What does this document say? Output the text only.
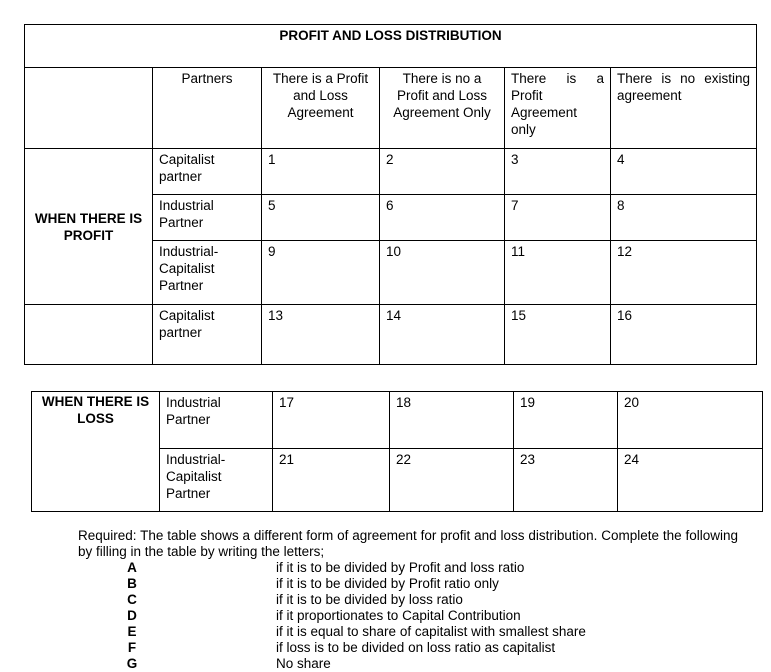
PROFIT AND LOSS DISTRIBUTION					
	Partners	There is a Profit and Loss Agreement	There is no a Profit and Loss Agreement Only	There is a Profit Agreement only	There is no existing agreement
WHEN THERE IS PROFIT	Capitalist partner	1	2	3	4
	Industrial Partner	5	6	7	8
	Industrial-Capitalist Partner	9	10	11	12
	Capitalist partner	13	14	15	16
WHEN THERE IS LOSS	Industrial Partner	17	18	19	20
	Industrial-Capitalist Partner	21	22	23	24
Required: The table shows a different form of agreement for profit and loss distribution. Complete the following by filling in the table by writing the letters;
A	if it is to be divided by Profit and loss ratio
B	if it is to be divided by Profit ratio only
C	if it is to be divided by loss ratio
D	if it proportionates to Capital Contribution
E	if it is equal to share of capitalist with smallest share
F	if loss is to be divided on loss ratio as capitalist
G	No share
